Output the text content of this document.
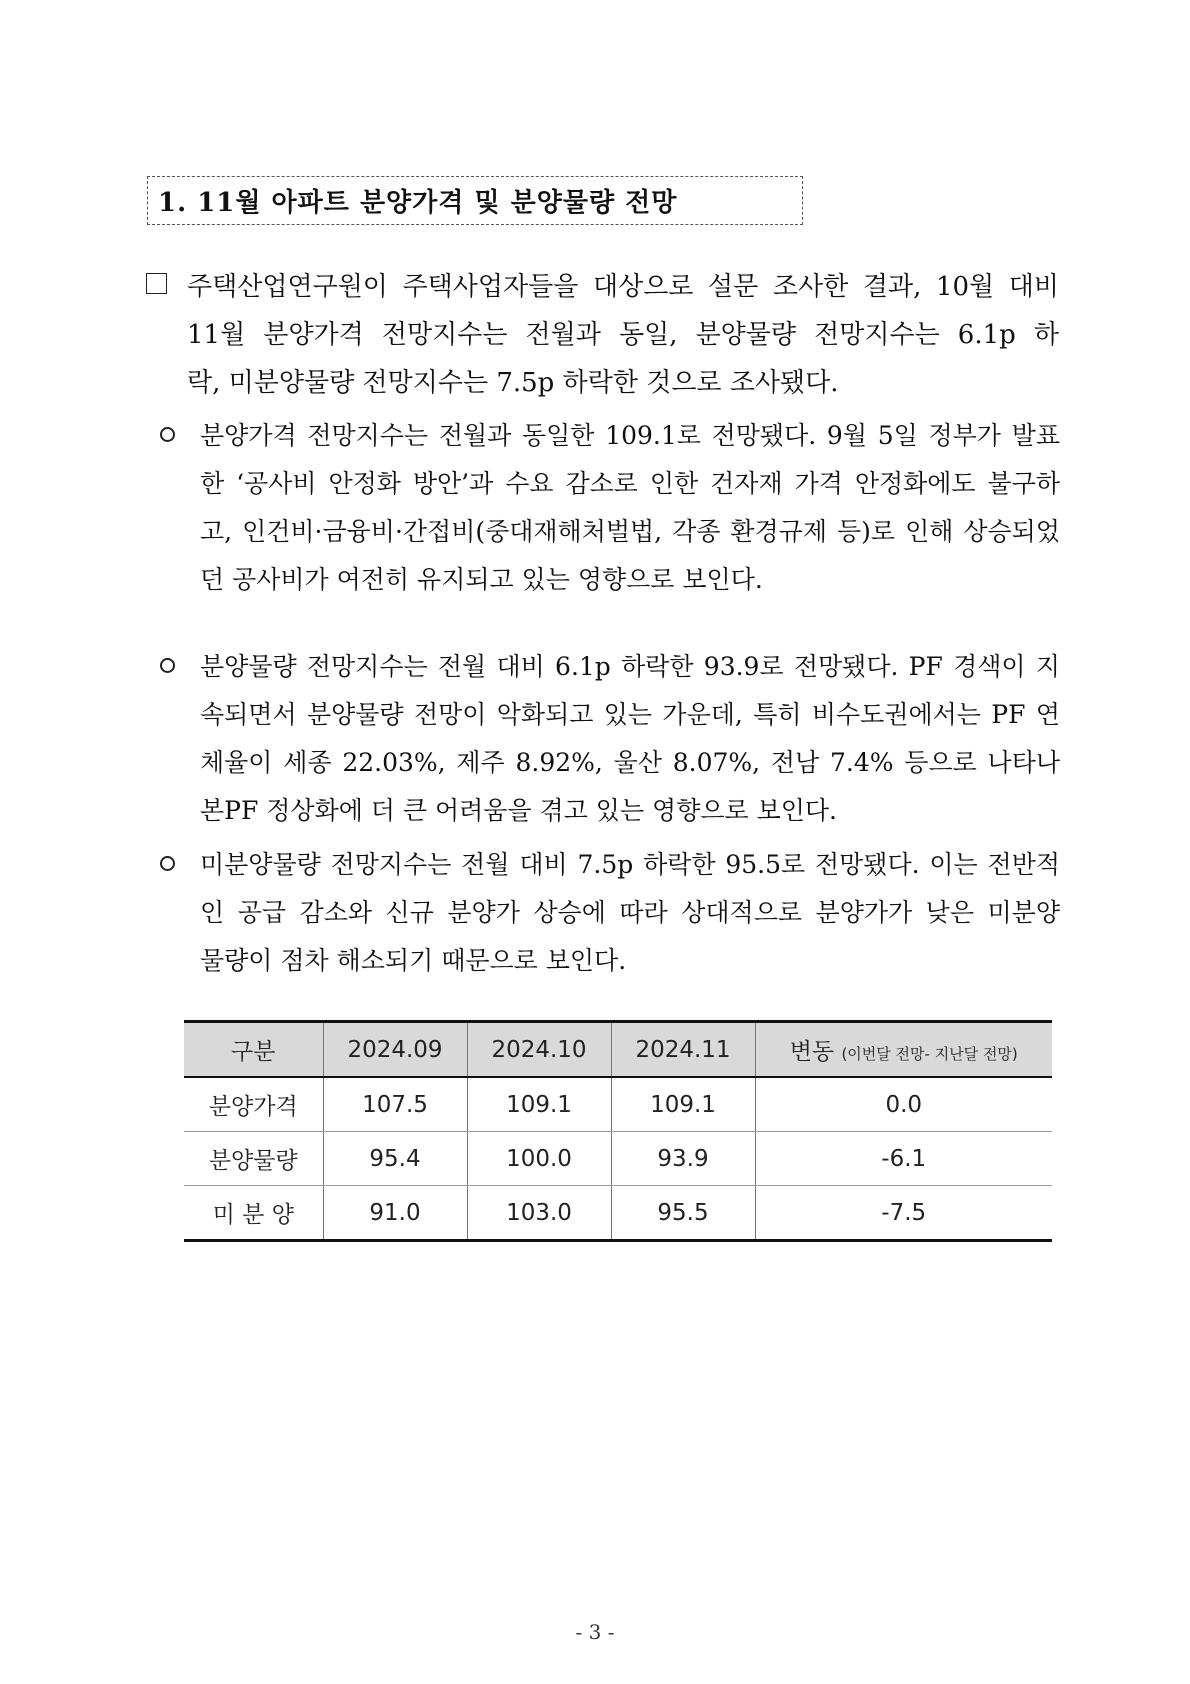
1. 11월 아파트 분양가격 및 분양물량 전망
주택산업연구원이 주택사업자들을 대상으로 설문 조사한 결과, 10월 대비
11월 분양가격 전망지수는 전월과 동일, 분양물량 전망지수는 6.1p 하
락, 미분양물량 전망지수는 7.5p 하락한 것으로 조사됐다.
분양가격 전망지수는 전월과 동일한 109.1로 전망됐다. 9월 5일 정부가 발표
한 ‘공사비 안정화 방안’과 수요 감소로 인한 건자재 가격 안정화에도 불구하
고, 인건비·금융비·간접비(중대재해처벌법, 각종 환경규제 등)로 인해 상승되었
던 공사비가 여전히 유지되고 있는 영향으로 보인다.
분양물량 전망지수는 전월 대비 6.1p 하락한 93.9로 전망됐다. PF 경색이 지
속되면서 분양물량 전망이 악화되고 있는 가운데, 특히 비수도권에서는 PF 연
체율이 세종 22.03%, 제주 8.92%, 울산 8.07%, 전남 7.4% 등으로 나타나
본PF 정상화에 더 큰 어려움을 겪고 있는 영향으로 보인다.
미분양물량 전망지수는 전월 대비 7.5p 하락한 95.5로 전망됐다. 이는 전반적
인 공급 감소와 신규 분양가 상승에 따라 상대적으로 분양가가 낮은 미분양
물량이 점차 해소되기 때문으로 보인다.
구분	2024.09	2024.10	2024.11	변동 (이번달 전망- 지난달 전망)
분양가격	107.5	109.1	109.1	0.0
분양물량	95.4	100.0	93.9	-6.1
미 분 양	91.0	103.0	95.5	-7.5
- 3 -
